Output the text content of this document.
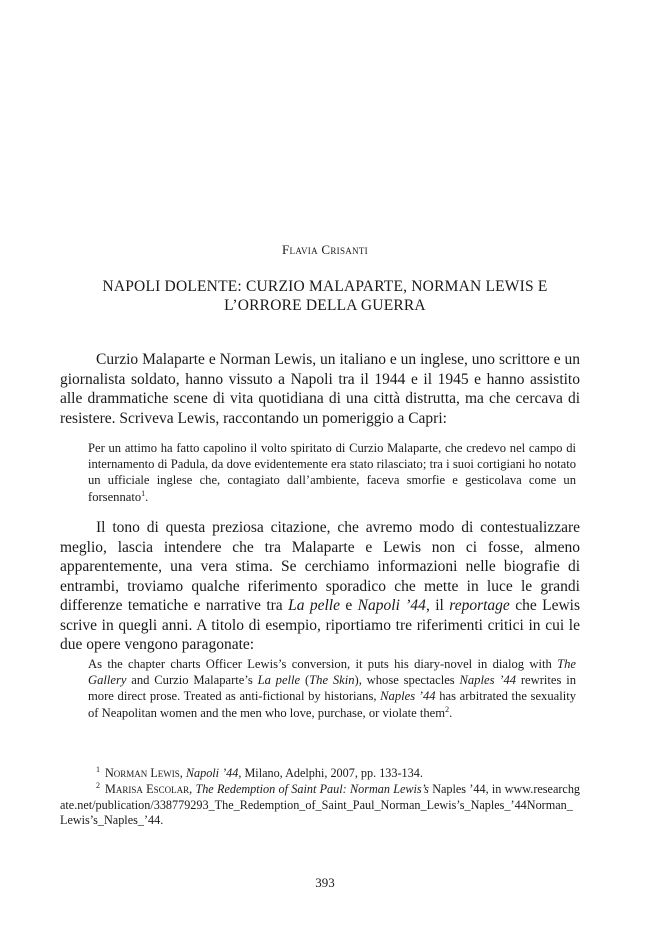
Flavia Crisanti
NAPOLI DOLENTE: CURZIO MALAPARTE, NORMAN LEWIS E
L’ORRORE DELLA GUERRA

Curzio Malaparte e Norman Lewis, un italiano e un inglese, uno scrittore e un giornalista soldato, hanno vissuto a Napoli tra il 1944 e il 1945 e hanno assistito alle drammatiche scene di vita quotidiana di una città distrutta, ma che cercava di resistere. Scriveva Lewis, raccontando un pomeriggio a Capri:

Per un attimo ha fatto capolino il volto spiritato di Curzio Malaparte, che credevo nel campo di internamento di Padula, da dove evidentemente era stato rilasciato; tra i suoi cortigiani ho notato un ufficiale inglese che, contagiato dall’ambiente, faceva smorfie e gesticolava come un forsennato$^1$.

Il tono di questa preziosa citazione, che avremo modo di contestualizzare meglio, lascia intendere che tra Malaparte e Lewis non ci fosse, almeno apparentemente, una vera stima. Se cerchiamo informazioni nelle biografie di entrambi, troviamo qualche riferimento sporadico che mette in luce le grandi differenze tematiche e narrative tra La pelle e Napoli ’44, il reportage che Lewis scrive in quegli anni. A titolo di esempio, riportiamo tre riferimenti critici in cui le due opere vengono paragonate:

As the chapter charts Officer Lewis’s conversion, it puts his diary-novel in dialog with The Gallery and Curzio Malaparte’s La pelle (The Skin), whose spectacles Naples ’44 rewrites in more direct prose. Treated as anti-fictional by historians, Naples ’44 has arbitrated the sexuality of Neapolitan women and the men who love, purchase, or violate them$^2$.
$^1$ Norman Lewis, Napoli ’44, Milano, Adelphi, 2007, pp. 133-134.
$^2$ Marisa Escolar, The Redemption of Saint Paul: Norman Lewis’s Naples ’44, in www.researchgate.net/publication/338779293_The_Redemption_of_Saint_Paul_Norman_Lewis’s_Naples_’44Norman_Lewis’s_Naples_’44.
393
